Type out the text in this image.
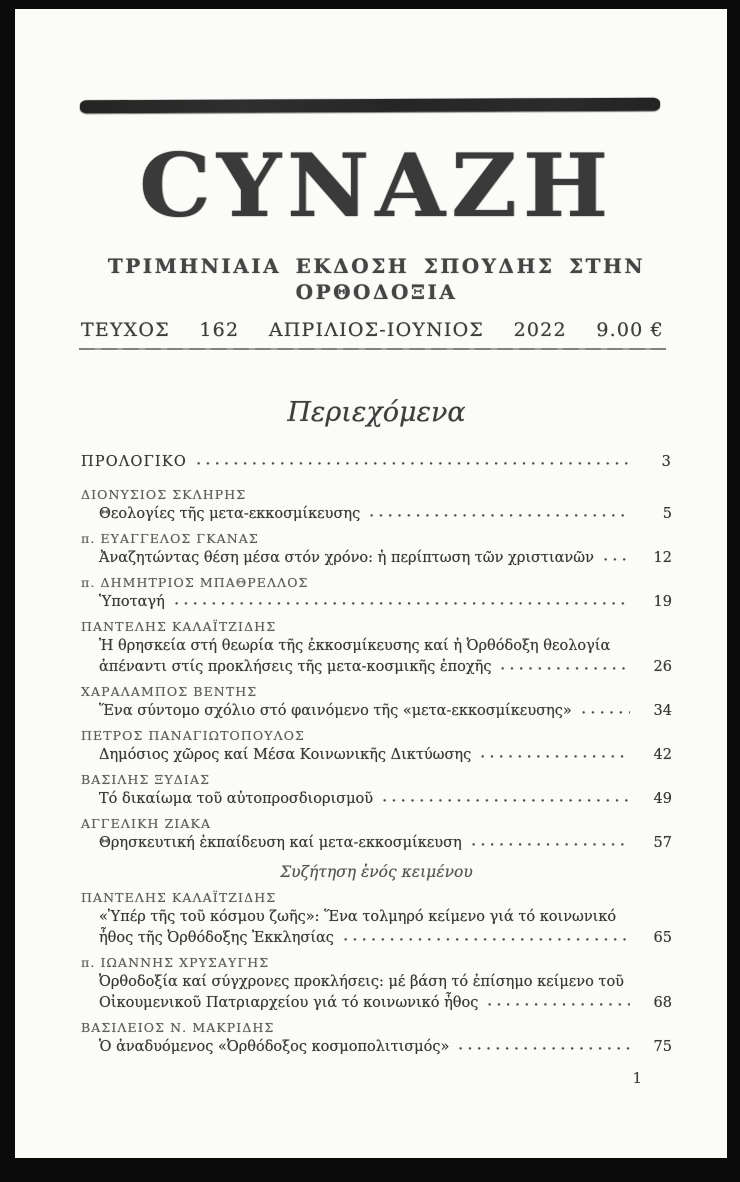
CYNAZH
ΤΡΙΜΗΝΙΑΙΑ ΕΚΔΟΣΗ ΣΠΟΥΔΗΣ ΣΤΗΝ ΟΡΘΟΔΟΞΙΑ
ΤΕΥΧΟΣ 162 ΑΠΡΙΛΙΟΣ-ΙΟΥΝΙΟΣ 2022 9.00 €
Περιεχόμενα
ΠΡΟΛΟΓΙΚΟ	3
ΔΙΟΝΥΣΙΟΣ ΣΚΛΗΡΗΣ
Θεολογίες τῆς μετα-εκκοσμίκευσης	5
π. ΕΥΑΓΓΕΛΟΣ ΓΚΑΝΑΣ
Ἀναζητώντας θέση μέσα στόν χρόνο: ἡ περίπτωση τῶν χριστιανῶν	12
π. ΔΗΜΗΤΡΙΟΣ ΜΠΑΘΡΕΛΛΟΣ
Ὑποταγή	19
ΠΑΝΤΕΛΗΣ ΚΑΛΑΪΤΖΙΔΗΣ
Ἡ θρησκεία στή θεωρία τῆς ἐκκοσμίκευσης καί ἡ Ὀρθόδοξη θεολογία
ἀπέναντι στίς προκλήσεις τῆς μετα-κοσμικῆς ἐποχῆς	26
ΧΑΡΑΛΑΜΠΟΣ ΒΕΝΤΗΣ
Ἕνα σύντομο σχόλιο στό φαινόμενο τῆς «μετα-εκκοσμίκευσης»	34
ΠΕΤΡΟΣ ΠΑΝΑΓΙΩΤΟΠΟΥΛΟΣ
Δημόσιος χῶρος καί Μέσα Κοινωνικῆς Δικτύωσης	42
ΒΑΣΙΛΗΣ ΞΥΔΙΑΣ
Τό δικαίωμα τοῦ αὐτοπροσδιορισμοῦ	49
ΑΓΓΕΛΙΚΗ ΖΙΑΚΑ
Θρησκευτική ἐκπαίδευση καί μετα-εκκοσμίκευση	57
Συζήτηση ἑνός κειμένου
ΠΑΝΤΕΛΗΣ ΚΑΛΑΪΤΖΙΔΗΣ
«Ὑπέρ τῆς τοῦ κόσμου ζωῆς»: Ἕνα τολμηρό κείμενο γιά τό κοινωνικό
ἦθος τῆς Ὀρθόδοξης Ἐκκλησίας	65
π. ΙΩΑΝΝΗΣ ΧΡΥΣΑΥΓΗΣ
Ὀρθοδοξία καί σύγχρονες προκλήσεις: μέ βάση τό ἐπίσημο κείμενο τοῦ
Οἰκουμενικοῦ Πατριαρχείου γιά τό κοινωνικό ἦθος	68
ΒΑΣΙΛΕΙΟΣ Ν. ΜΑΚΡΙΔΗΣ
Ὁ ἀναδυόμενος «Ὀρθόδοξος κοσμοπολιτισμός»	75
1
